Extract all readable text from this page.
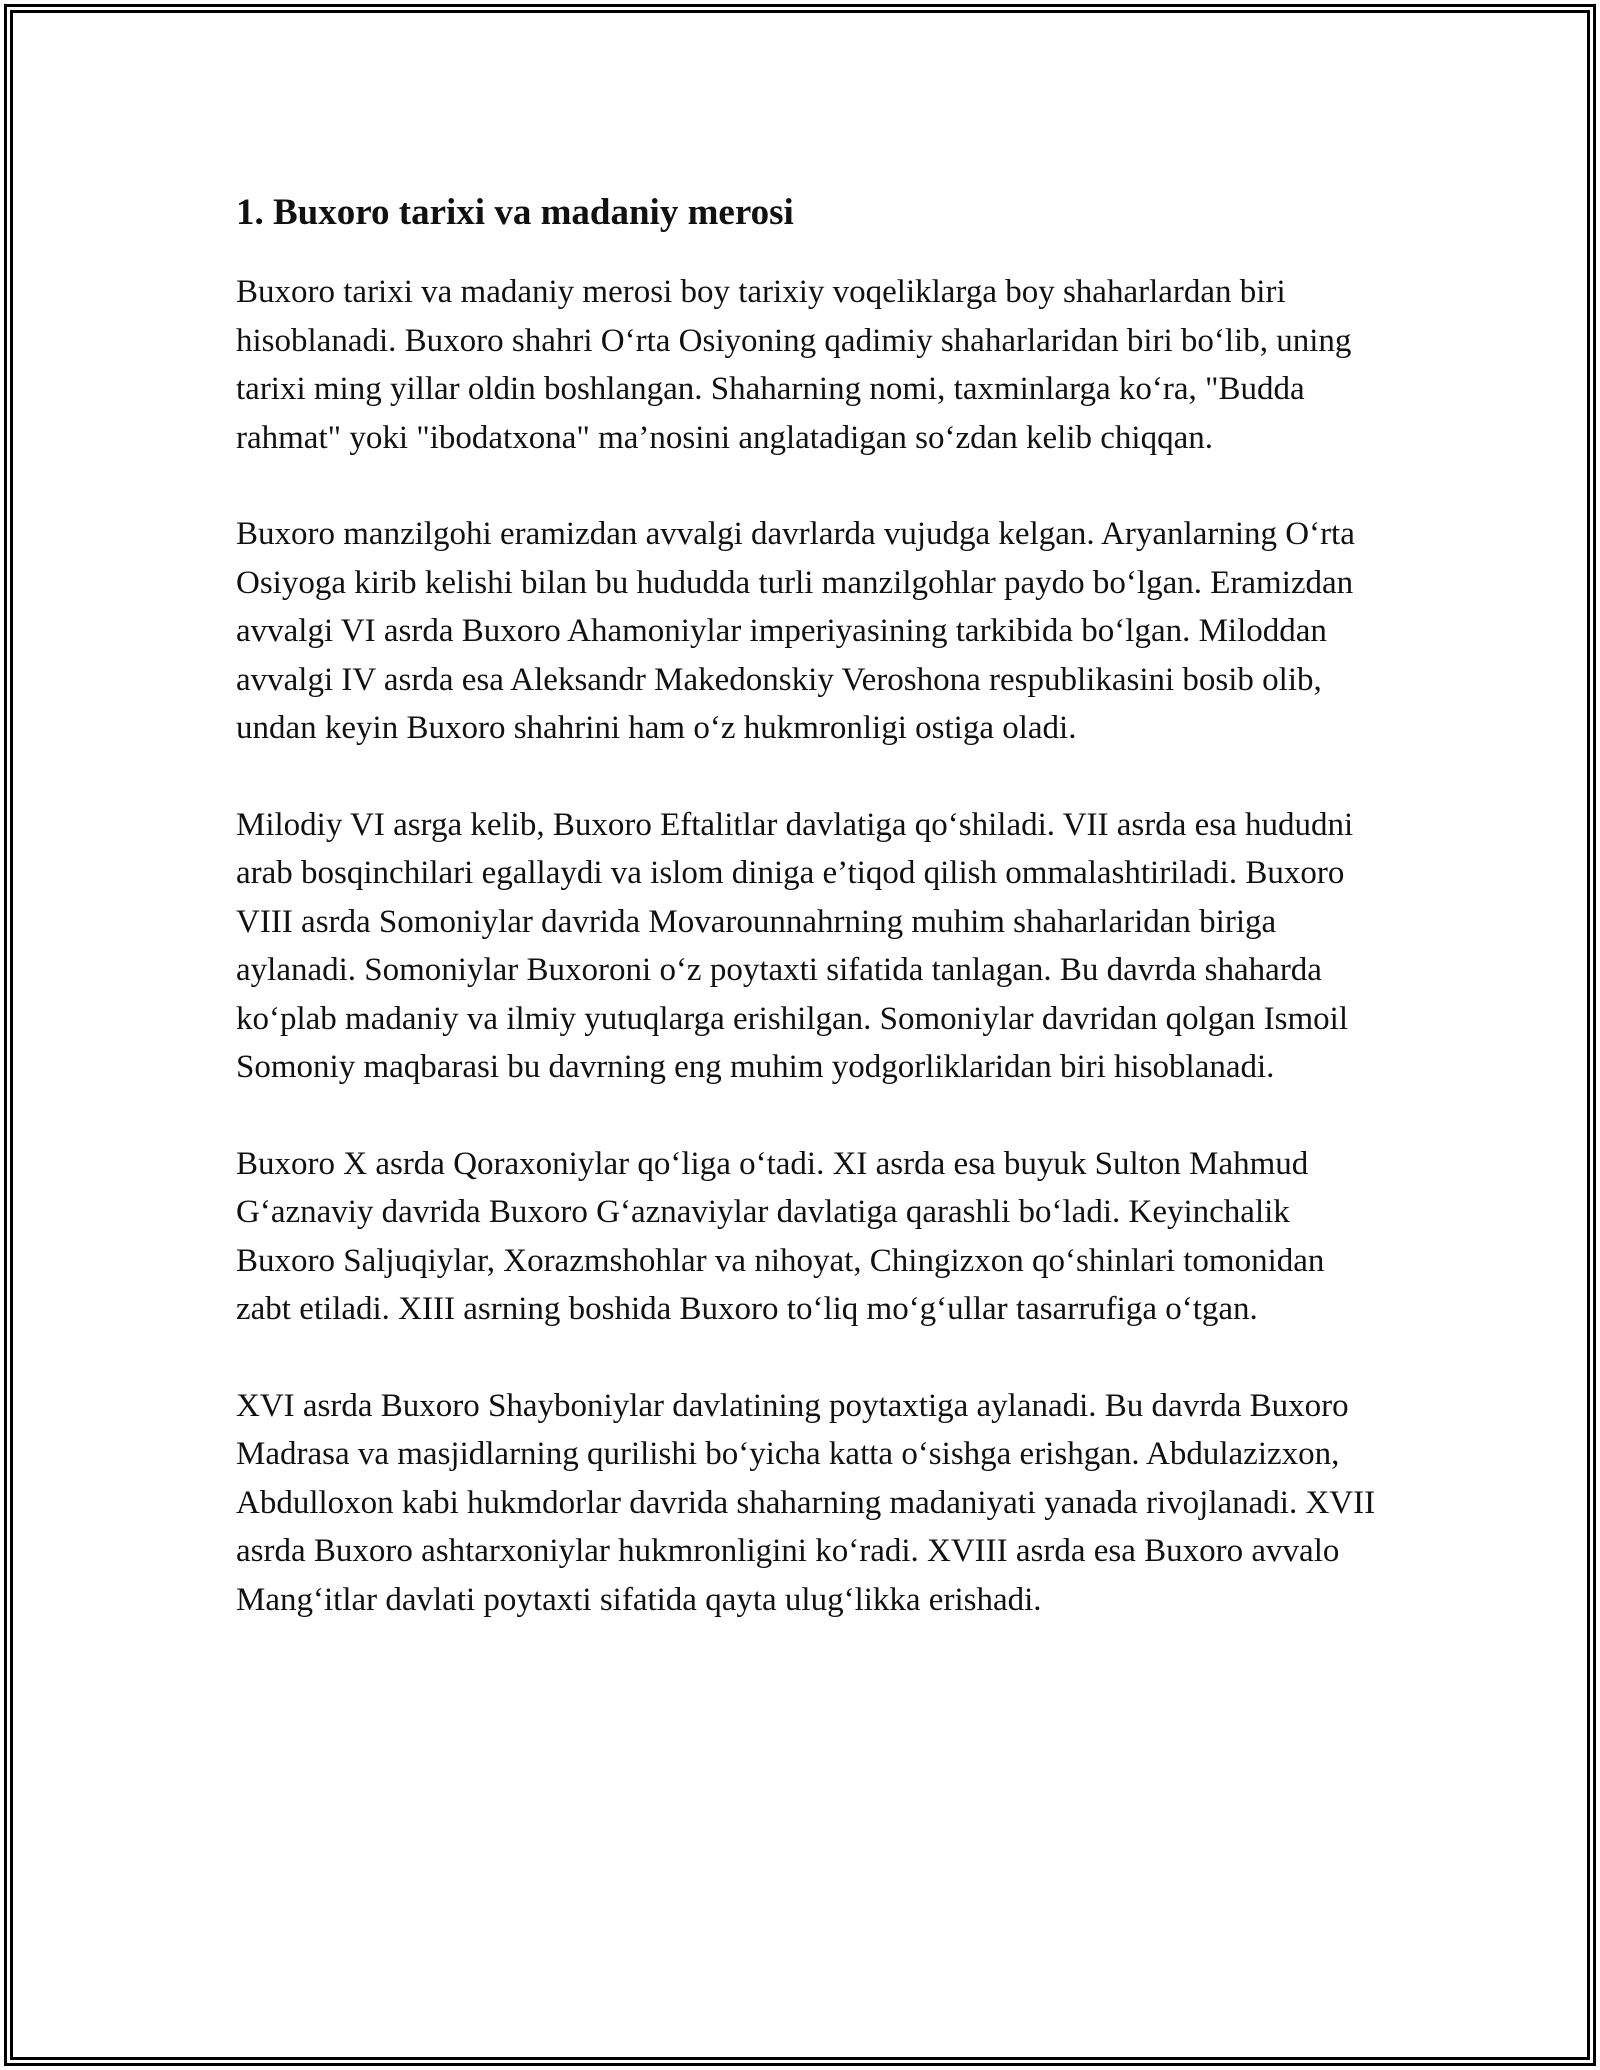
1. Buxoro tarixi va madaniy merosi

Buxoro tarixi va madaniy merosi boy tarixiy voqeliklarga boy shaharlardan biri hisoblanadi. Buxoro shahri O‘rta Osiyoning qadimiy shaharlaridan biri bo‘lib, uning tarixi ming yillar oldin boshlangan. Shaharning nomi, taxminlarga ko‘ra, "Budda rahmat" yoki "ibodatxona" ma’nosini anglatadigan so‘zdan kelib chiqqan.

Buxoro manzilgohi eramizdan avvalgi davrlarda vujudga kelgan. Aryanlarning O‘rta Osiyoga kirib kelishi bilan bu hududda turli manzilgohlar paydo bo‘lgan. Eramizdan avvalgi VI asrda Buxoro Ahamoniylar imperiyasining tarkibida bo‘lgan. Miloddan avvalgi IV asrda esa Aleksandr Makedonskiy Veroshona respublikasini bosib olib, undan keyin Buxoro shahrini ham o‘z hukmronligi ostiga oladi.

Milodiy VI asrga kelib, Buxoro Eftalitlar davlatiga qo‘shiladi. VII asrda esa hududni arab bosqinchilari egallaydi va islom diniga e’tiqod qilish ommalashtiriladi. Buxoro VIII asrda Somoniylar davrida Movarounnahrning muhim shaharlaridan biriga aylanadi. Somoniylar Buxoroni o‘z poytaxti sifatida tanlagan. Bu davrda shaharda ko‘plab madaniy va ilmiy yutuqlarga erishilgan. Somoniylar davridan qolgan Ismoil Somoniy maqbarasi bu davrning eng muhim yodgorliklaridan biri hisoblanadi.

Buxoro X asrda Qoraxoniylar qo‘liga o‘tadi. XI asrda esa buyuk Sulton Mahmud G‘aznaviy davrida Buxoro G‘aznaviylar davlatiga qarashli bo‘ladi. Keyinchalik Buxoro Saljuqiylar, Xorazmshohlar va nihoyat, Chingizxon qo‘shinlari tomonidan zabt etiladi. XIII asrning boshida Buxoro to‘liq mo‘g‘ullar tasarrufiga o‘tgan.

XVI asrda Buxoro Shayboniylar davlatining poytaxtiga aylanadi. Bu davrda Buxoro Madrasa va masjidlarning qurilishi bo‘yicha katta o‘sishga erishgan. Abdulazizxon, Abdulloxon kabi hukmdorlar davrida shaharning madaniyati yanada rivojlanadi. XVII asrda Buxoro ashtarxoniylar hukmronligini ko‘radi. XVIII asrda esa Buxoro avvalo Mang‘itlar davlati poytaxti sifatida qayta ulug‘likka erishadi.
